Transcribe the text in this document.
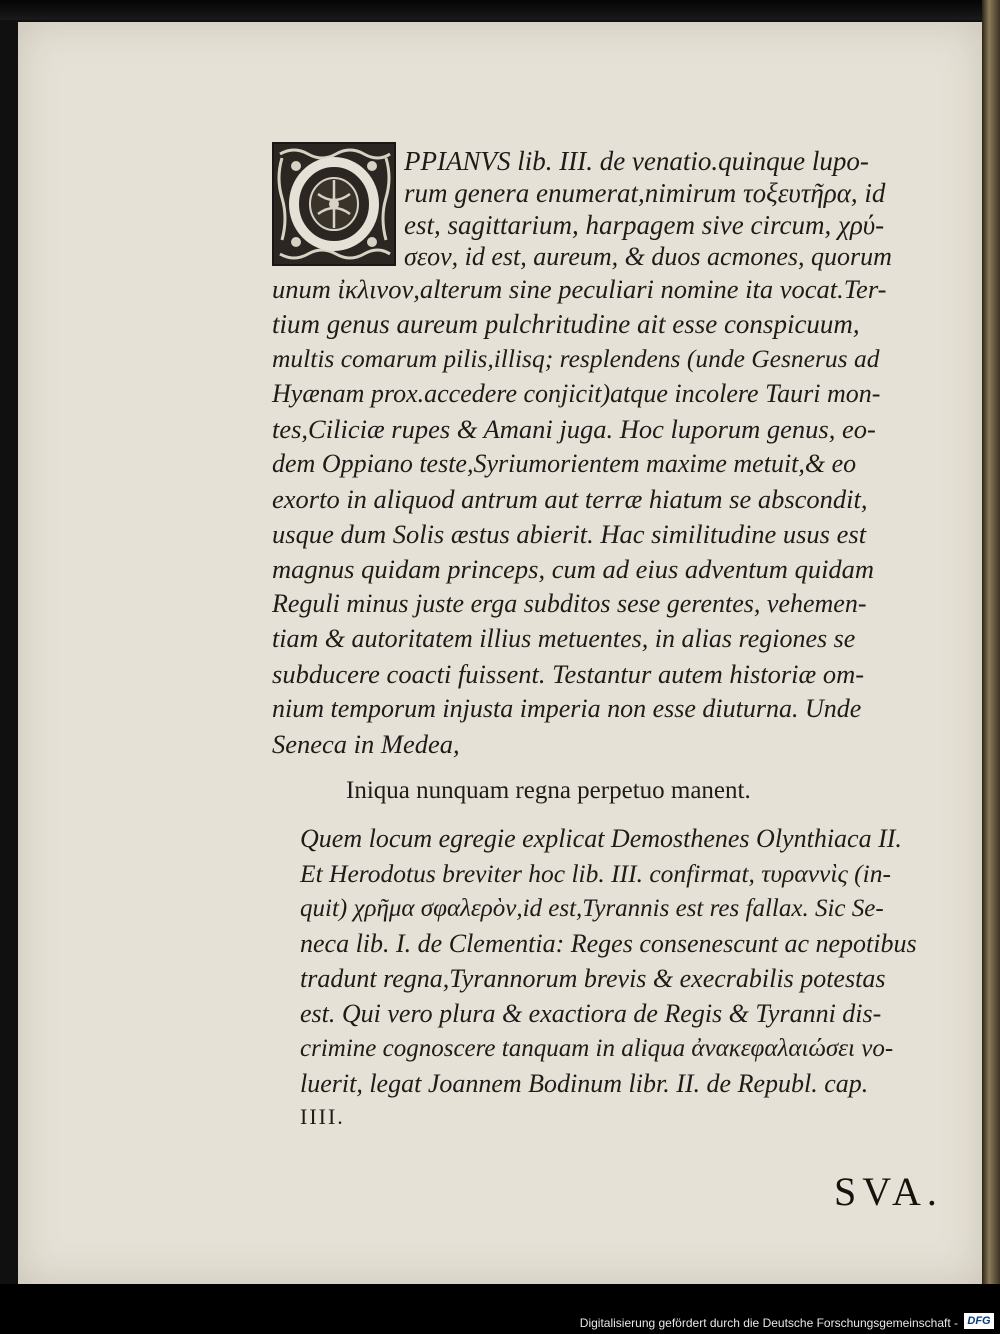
PPIANVS lib. III. de venatio.quinque lupo-
rum genera enumerat,nimirum τοξευτῆρα, id
est, sagittarium, harpagem sive circum, χρύ-
σεον, id est, aureum, & duos acmones, quorum
unum ἰκλινον,alterum sine peculiari nomine ita vocat.Ter-
tium genus aureum pulchritudine ait esse conspicuum,
multis comarum pilis,illisq; resplendens (unde Gesnerus ad
Hyænam prox.accedere conjicit)atque incolere Tauri mon-
tes,Ciliciæ rupes & Amani juga. Hoc luporum genus, eo-
dem Oppiano teste,Syriumorientem maxime metuit,& eo
exorto in aliquod antrum aut terræ hiatum se abscondit,
usque dum Solis æstus abierit. Hac similitudine usus est
magnus quidam princeps, cum ad eius adventum quidam
Reguli minus juste erga subditos sese gerentes, vehemen-
tiam & autoritatem illius metuentes, in alias regiones se
subducere coacti fuissent. Testantur autem historiæ om-
nium temporum injusta imperia non esse diuturna. Unde
Seneca in Medea,
Iniqua nunquam regna perpetuo manent.
Quem locum egregie explicat Demosthenes Olynthiaca II.
Et Herodotus breviter hoc lib. III. confirmat, τυραννὶς (in-
quit) χρῆμα σφαλερὸν,id est,Tyrannis est res fallax. Sic Se-
neca lib. I. de Clementia: Reges consenescunt ac nepotibus
tradunt regna,Tyrannorum brevis & execrabilis potestas
est. Qui vero plura & exactiora de Regis & Tyranni dis-
crimine cognoscere tanquam in aliqua ἀνακεφαλαιώσει vo-
luerit, legat Joannem Bodinum libr. II. de Republ. cap.
IIII.
SVA.
Digitalisierung gefördert durch die Deutsche Forschungsgemeinschaft - DFG
